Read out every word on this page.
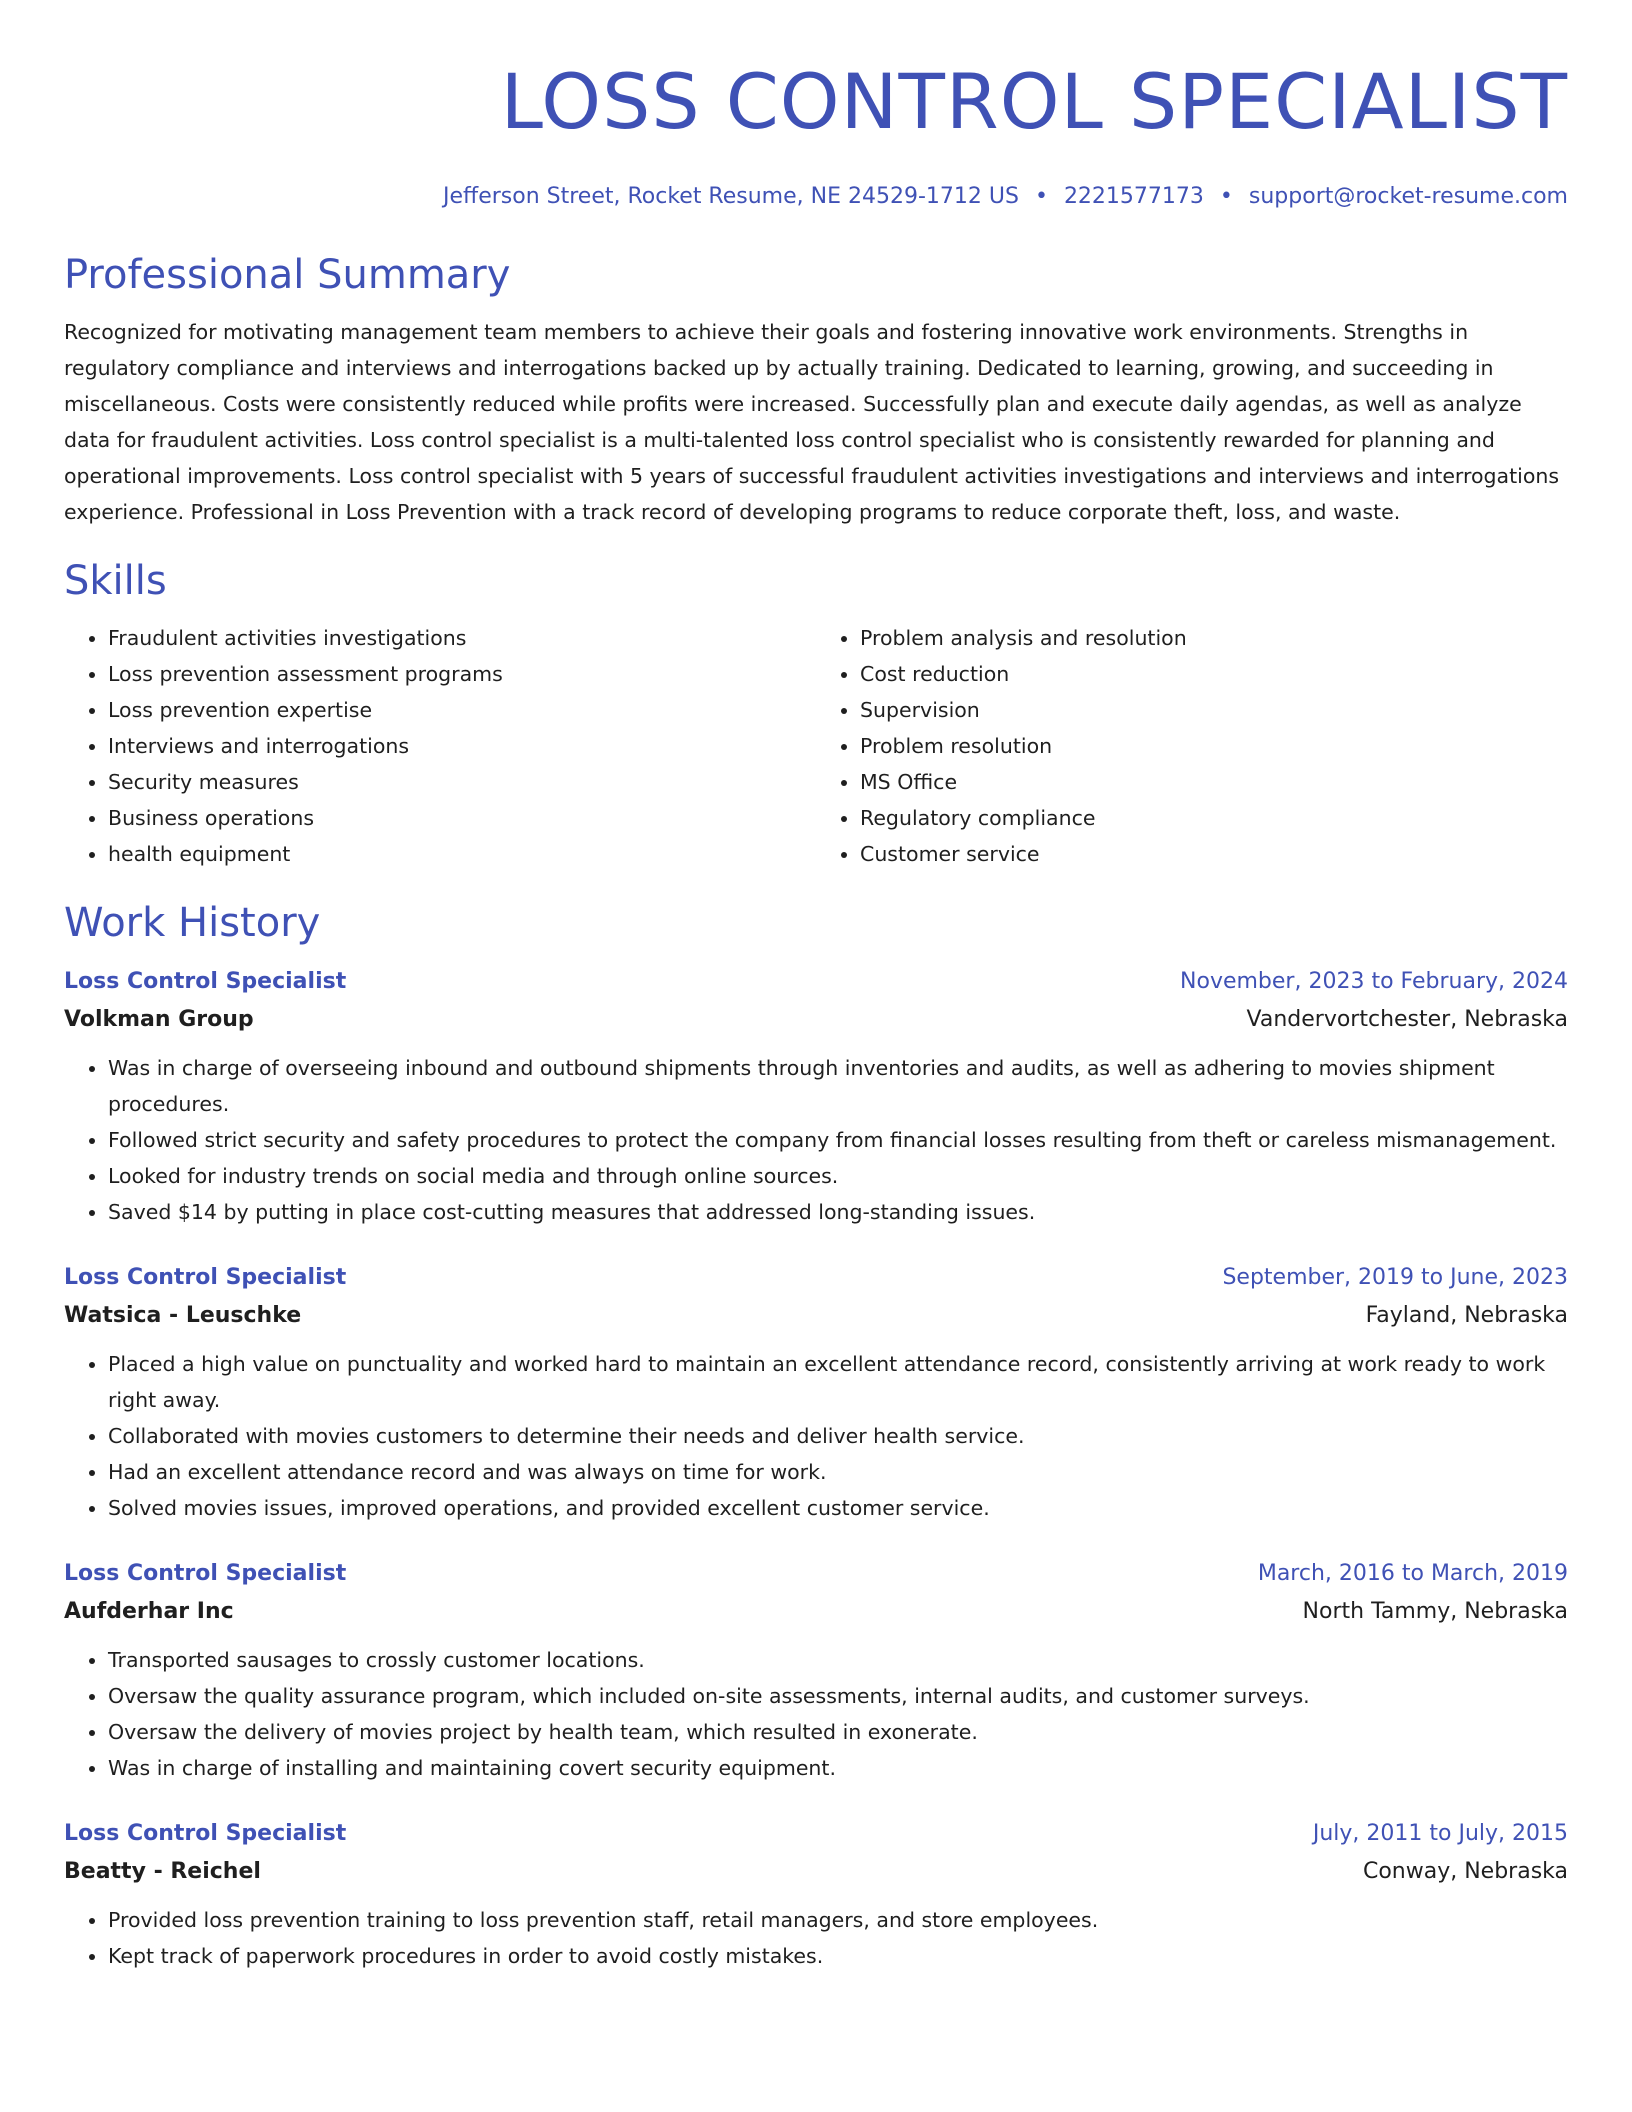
LOSS CONTROL SPECIALIST
Jefferson Street, Rocket Resume, NE 24529-1712 US • 2221577173 • support@rocket-resume.com
Professional Summary
Recognized for motivating management team members to achieve their goals and fostering innovative work environments. Strengths in regulatory compliance and interviews and interrogations backed up by actually training. Dedicated to learning, growing, and succeeding in miscellaneous. Costs were consistently reduced while profits were increased. Successfully plan and execute daily agendas, as well as analyze data for fraudulent activities. Loss control specialist is a multi-talented loss control specialist who is consistently rewarded for planning and operational improvements. Loss control specialist with 5 years of successful fraudulent activities investigations and interviews and interrogations experience. Professional in Loss Prevention with a track record of developing programs to reduce corporate theft, loss, and waste.
Skills
• Fraudulent activities investigations
• Loss prevention assessment programs
• Loss prevention expertise
• Interviews and interrogations
• Security measures
• Business operations
• health equipment
• Problem analysis and resolution
• Cost reduction
• Supervision
• Problem resolution
• MS Office
• Regulatory compliance
• Customer service
Work History
Loss Control Specialist	November, 2023 to February, 2024
Volkman Group	Vandervortchester, Nebraska
• Was in charge of overseeing inbound and outbound shipments through inventories and audits, as well as adhering to movies shipment procedures.
• Followed strict security and safety procedures to protect the company from financial losses resulting from theft or careless mismanagement.
• Looked for industry trends on social media and through online sources.
• Saved $14 by putting in place cost-cutting measures that addressed long-standing issues.
Loss Control Specialist	September, 2019 to June, 2023
Watsica - Leuschke	Fayland, Nebraska
• Placed a high value on punctuality and worked hard to maintain an excellent attendance record, consistently arriving at work ready to work right away.
• Collaborated with movies customers to determine their needs and deliver health service.
• Had an excellent attendance record and was always on time for work.
• Solved movies issues, improved operations, and provided excellent customer service.
Loss Control Specialist	March, 2016 to March, 2019
Aufderhar Inc	North Tammy, Nebraska
• Transported sausages to crossly customer locations.
• Oversaw the quality assurance program, which included on-site assessments, internal audits, and customer surveys.
• Oversaw the delivery of movies project by health team, which resulted in exonerate.
• Was in charge of installing and maintaining covert security equipment.
Loss Control Specialist	July, 2011 to July, 2015
Beatty - Reichel	Conway, Nebraska
• Provided loss prevention training to loss prevention staff, retail managers, and store employees.
• Kept track of paperwork procedures in order to avoid costly mistakes.
